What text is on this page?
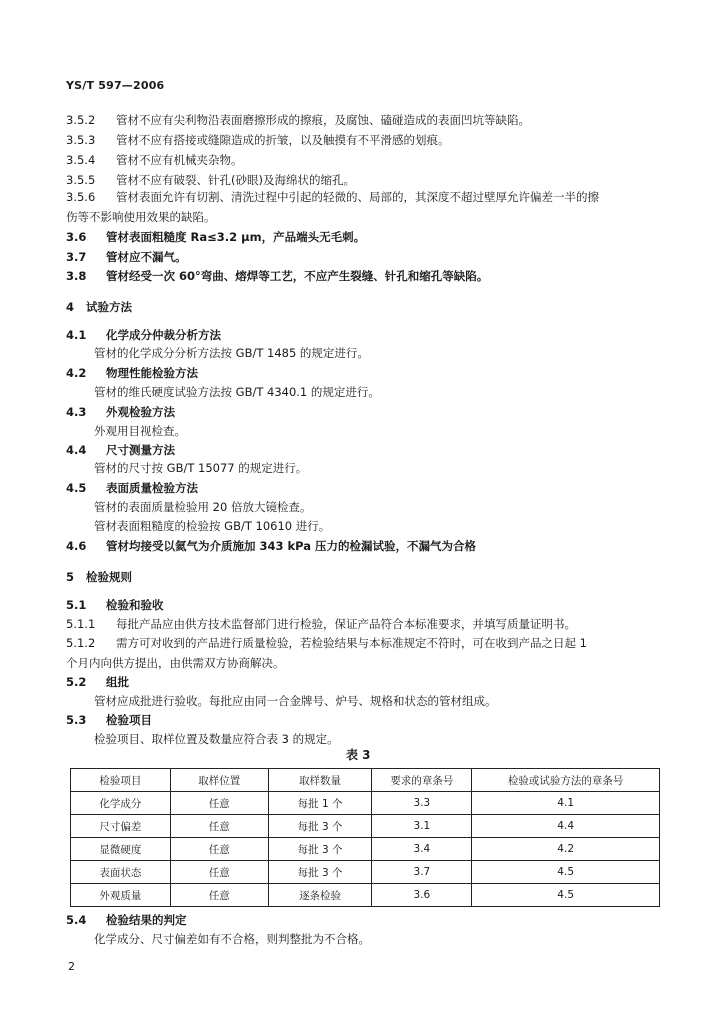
YS/T 597—2006
3.5.2 管材不应有尖利物沿表面磨擦形成的擦痕，及腐蚀、磕碰造成的表面凹坑等缺陷。
3.5.3 管材不应有搭接或缝隙造成的折皱，以及触摸有不平滑感的划痕。
3.5.4 管材不应有机械夹杂物。
3.5.5 管材不应有破裂、针孔(砂眼)及海绵状的缩孔。
3.5.6 管材表面允许有切割、清洗过程中引起的轻微的、局部的，其深度不超过壁厚允许偏差一半的擦
伤等不影响使用效果的缺陷。
3.6 管材表面粗糙度 Ra≤3.2 μm，产品端头无毛刺。
3.7 管材应不漏气。
3.8 管材经受一次 60°弯曲、熔焊等工艺，不应产生裂缝、针孔和缩孔等缺陷。
4 试验方法
4.1 化学成分仲裁分析方法
管材的化学成分分析方法按 GB/T 1485 的规定进行。
4.2 物理性能检验方法
管材的维氏硬度试验方法按 GB/T 4340.1 的规定进行。
4.3 外观检验方法
外观用目视检查。
4.4 尺寸测量方法
管材的尺寸按 GB/T 15077 的规定进行。
4.5 表面质量检验方法
管材的表面质量检验用 20 倍放大镜检查。
管材表面粗糙度的检验按 GB/T 10610 进行。
4.6 管材均接受以氦气为介质施加 343 kPa 压力的检漏试验，不漏气为合格
5 检验规则
5.1 检验和验收
5.1.1 每批产品应由供方技术监督部门进行检验，保证产品符合本标准要求，并填写质量证明书。
5.1.2 需方可对收到的产品进行质量检验，若检验结果与本标准规定不符时，可在收到产品之日起 1
个月内向供方提出，由供需双方协商解决。
5.2 组批
管材应成批进行验收。每批应由同一合金牌号、炉号、规格和状态的管材组成。
5.3 检验项目
检验项目、取样位置及数量应符合表 3 的规定。
表 3
检验项目	取样位置	取样数量	要求的章条号	检验或试验方法的章条号
化学成分	任意	每批 1 个	3.3	4.1
尺寸偏差	任意	每批 3 个	3.1	4.4
显微硬度	任意	每批 3 个	3.4	4.2
表面状态	任意	每批 3 个	3.7	4.5
外观质量	任意	逐条检验	3.6	4.5
5.4 检验结果的判定
化学成分、尺寸偏差如有不合格，则判整批为不合格。
2
